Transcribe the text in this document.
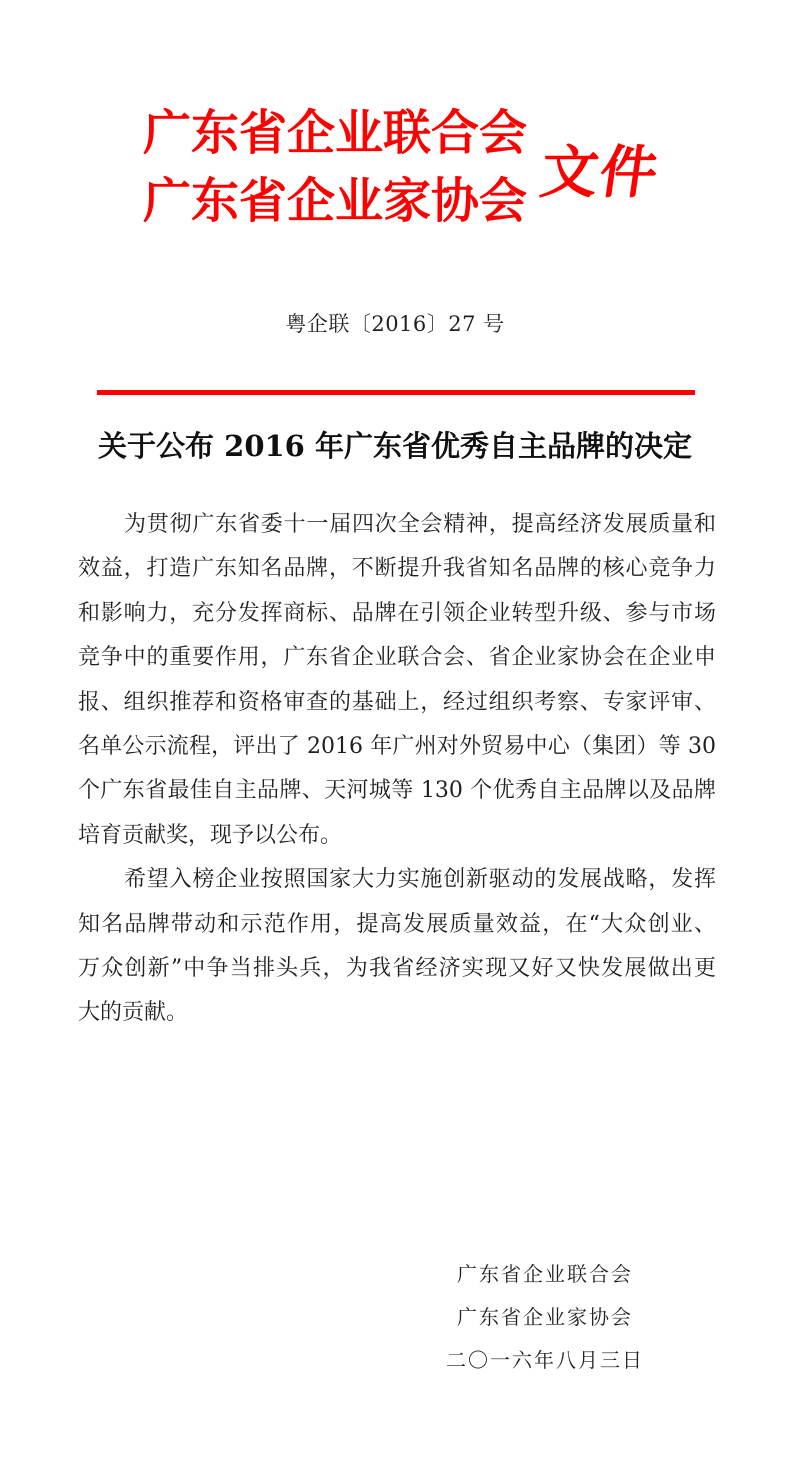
广东省企业联合会
广东省企业家协会 文件
粤企联〔2016〕27 号
关于公布 2016 年广东省优秀自主品牌的决定
为贯彻广东省委十一届四次全会精神，提高经济发展质量和
效益，打造广东知名品牌，不断提升我省知名品牌的核心竞争力
和影响力，充分发挥商标、品牌在引领企业转型升级、参与市场
竞争中的重要作用，广东省企业联合会、省企业家协会在企业申
报、组织推荐和资格审查的基础上，经过组织考察、专家评审、
名单公示流程，评出了 2016 年广州对外贸易中心（集团）等 30
个广东省最佳自主品牌、天河城等 130 个优秀自主品牌以及品牌
培育贡献奖，现予以公布。
希望入榜企业按照国家大力实施创新驱动的发展战略，发挥
知名品牌带动和示范作用，提高发展质量效益，在“大众创业、
万众创新”中争当排头兵，为我省经济实现又好又快发展做出更
大的贡献。
广东省企业联合会
广东省企业家协会
二〇一六年八月三日
